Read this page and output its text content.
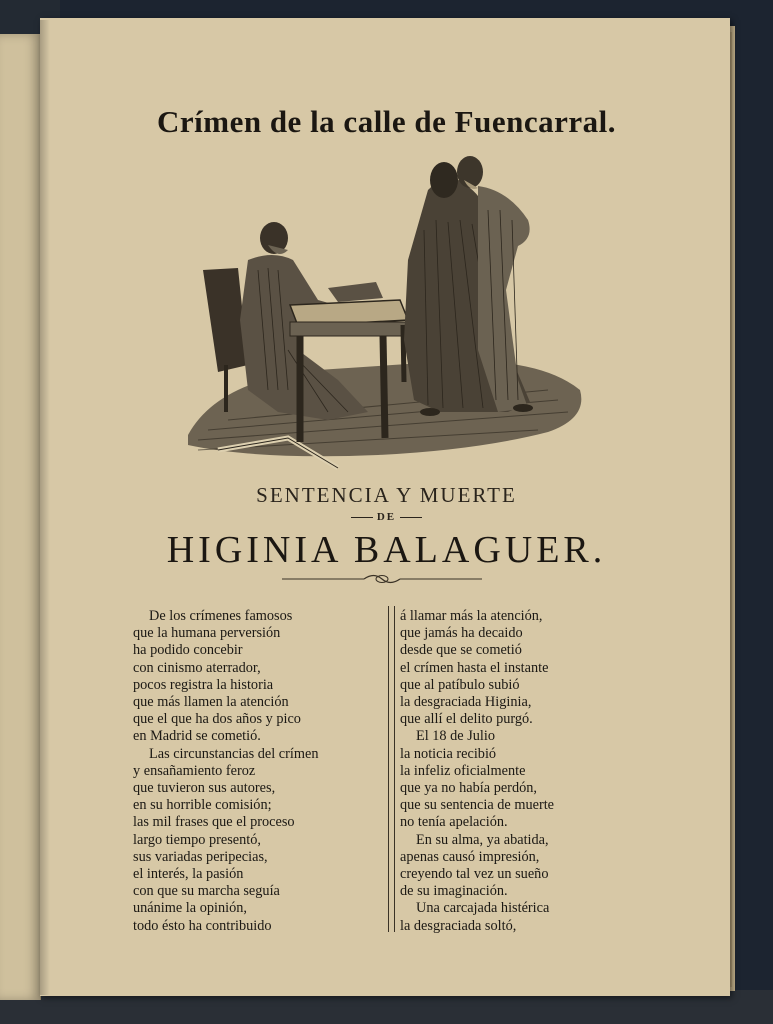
Crímen de la calle de Fuencarral.
SENTENCIA Y MUERTE
DE
HIGINIA BALAGUER.
De los crímenes famosos
que la humana perversión
ha podido concebir
con cinismo aterrador,
pocos registra la historia
que más llamen la atención
que el que ha dos años y pico
en Madrid se cometió.
Las circunstancias del crímen
y ensañamiento feroz
que tuvieron sus autores,
en su horrible comisión;
las mil frases que el proceso
largo tiempo presentó,
sus variadas peripecias,
el interés, la pasión
con que su marcha seguía
unánime la opinión,
todo ésto ha contribuido
á llamar más la atención,
que jamás ha decaido
desde que se cometió
el crímen hasta el instante
que al patíbulo subió
la desgraciada Higinia,
que allí el delito purgó.
El 18 de Julio
la noticia recibió
la infeliz oficialmente
que ya no había perdón,
que su sentencia de muerte
no tenía apelación.
En su alma, ya abatida,
apenas causó impresión,
creyendo tal vez un sueño
de su imaginación.
Una carcajada histérica
la desgraciada soltó,
